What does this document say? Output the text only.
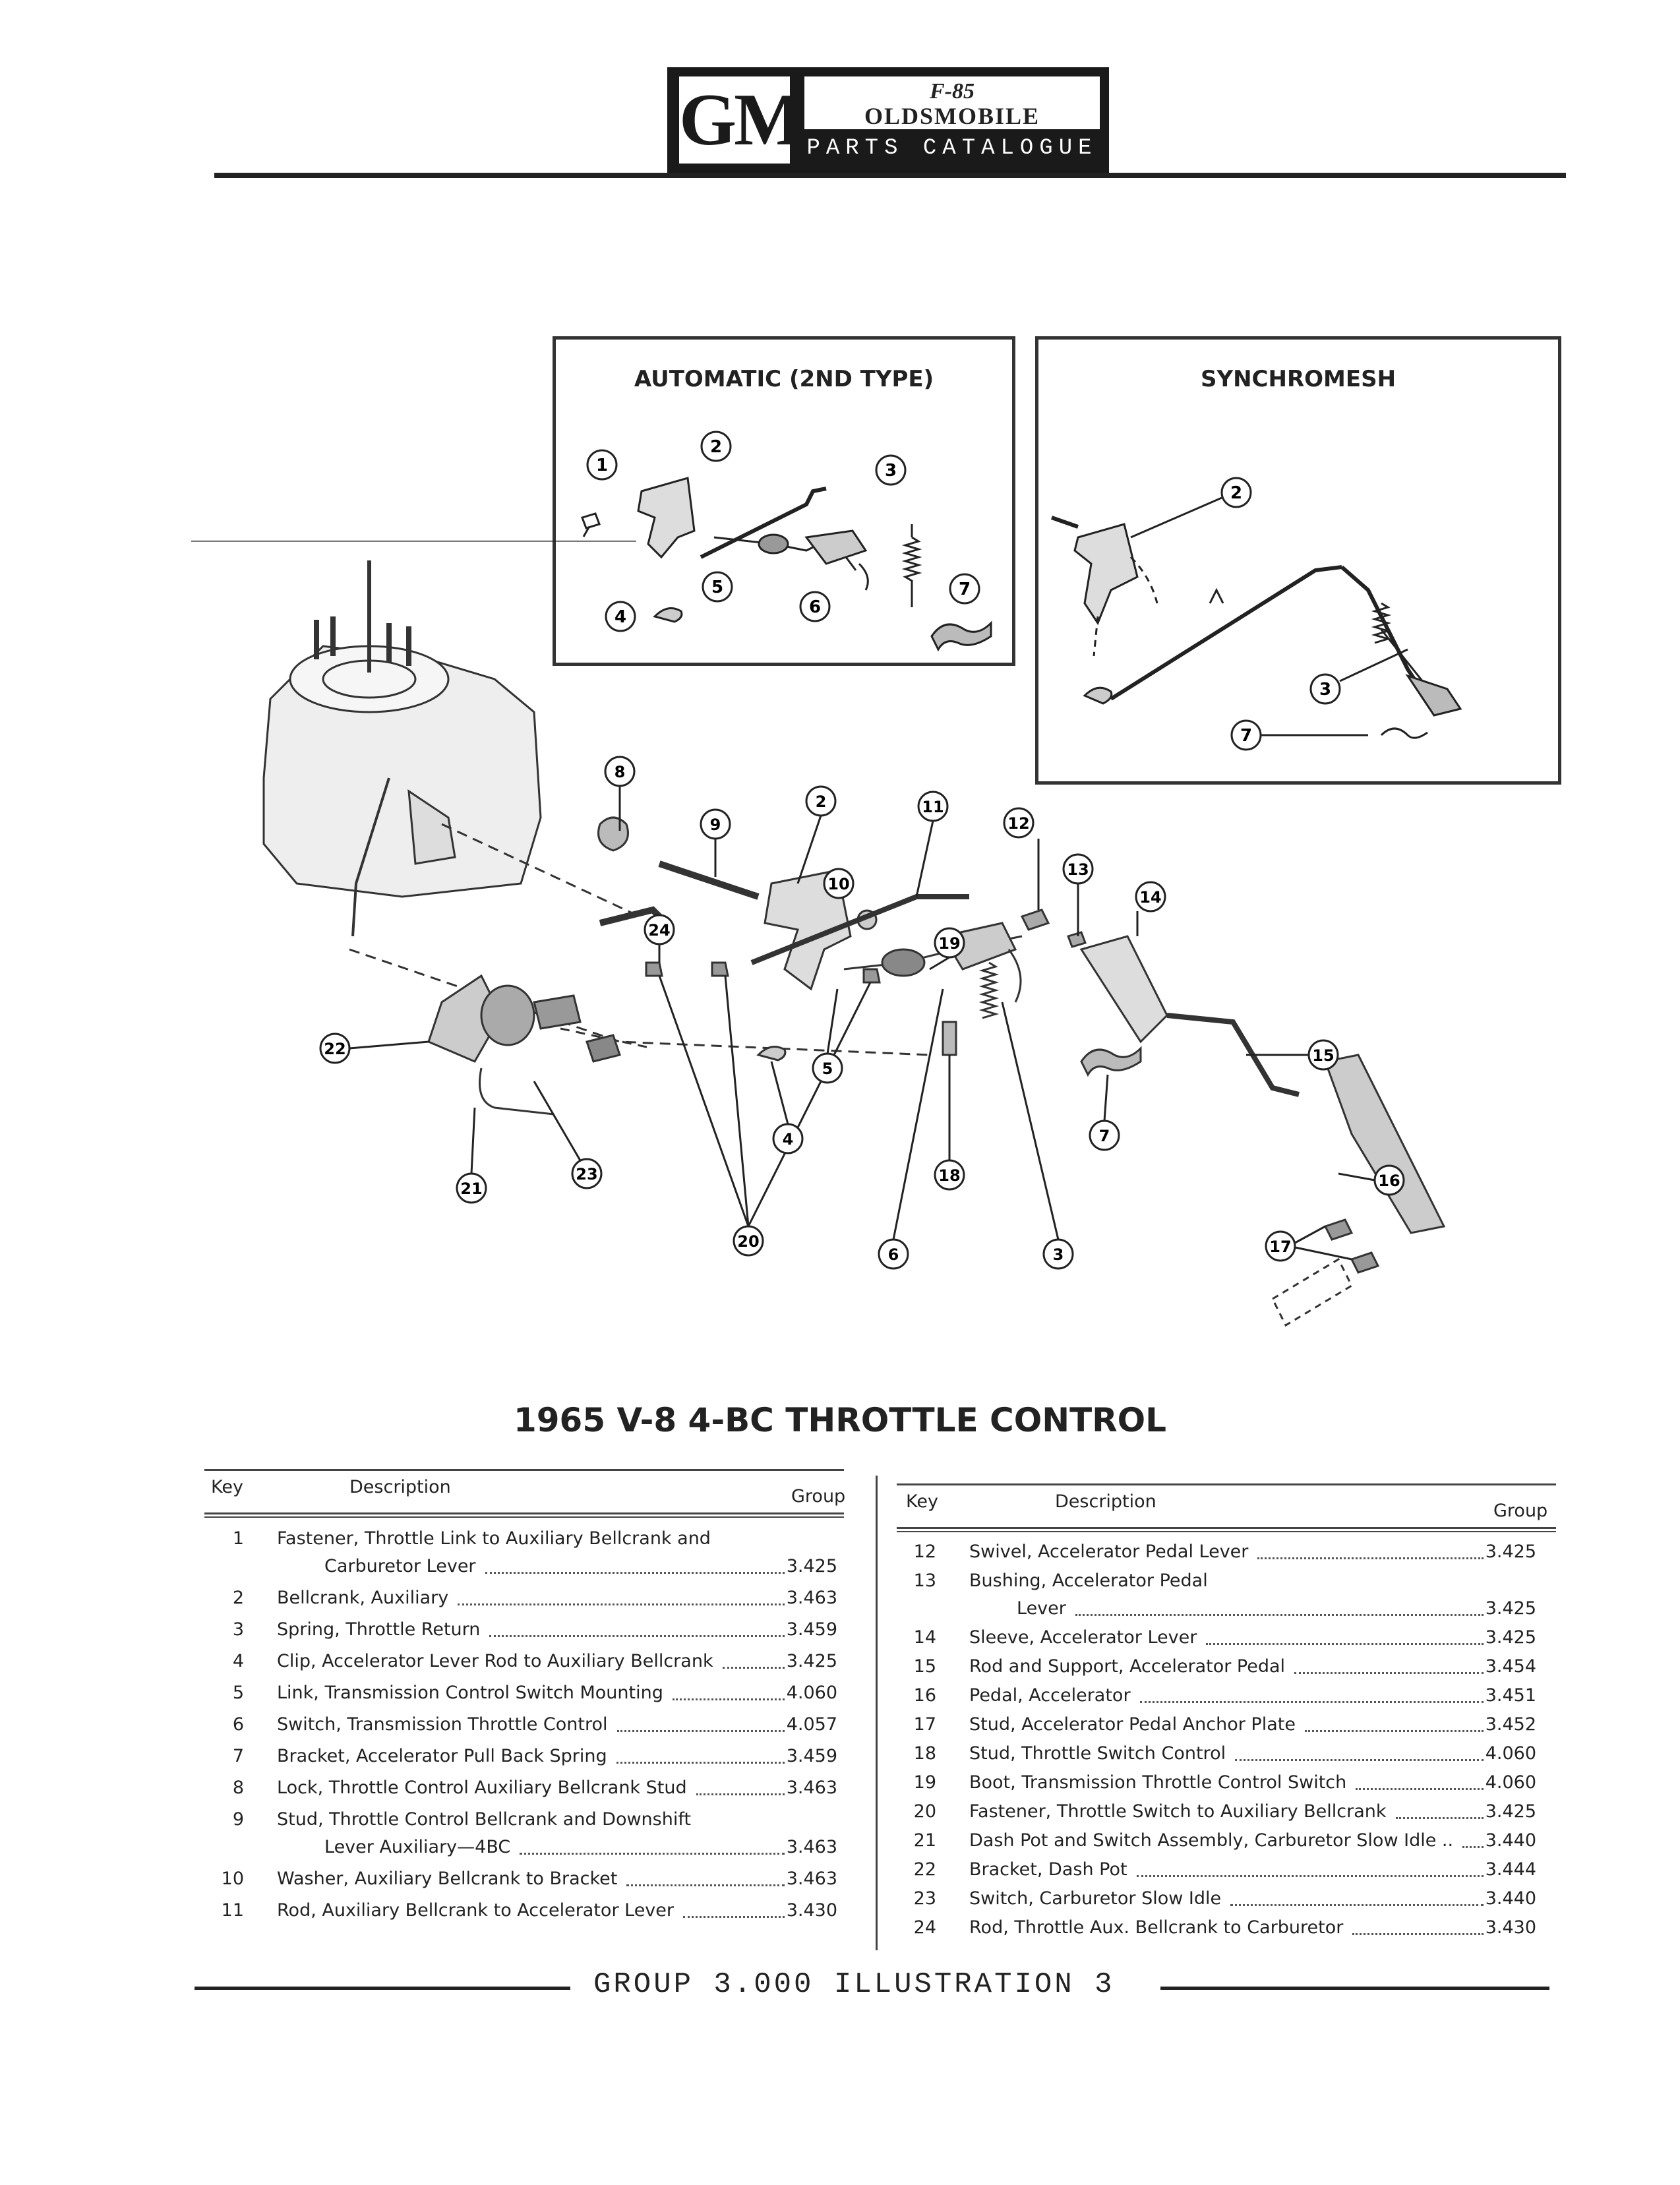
GM	F-85
OLDSMOBILE
PARTS CATALOGUE
AUTOMATIC (2ND TYPE)
1
2
3
4
5
6
7
SYNCHROMESH
2
3
7
8
9
2
10
11
12
13
14
24
19
22
5
15
4
23
7
21
18	16
20
6	3	17
1965 V-8 4-BC THROTTLE CONTROL
Key	Description	Group
1 Fastener, Throttle Link to Auxiliary Bellcrank and
Carburetor Lever	3.425
2 Bellcrank, Auxiliary	3.463
3 Spring, Throttle Return	3.459
4 Clip, Accelerator Lever Rod to Auxiliary Bellcrank	3.425
5 Link, Transmission Control Switch Mounting	4.060
6 Switch, Transmission Throttle Control	4.057
7 Bracket, Accelerator Pull Back Spring	3.459
8 Lock, Throttle Control Auxiliary Bellcrank Stud	3.463
9 Stud, Throttle Control Bellcrank and Downshift
Lever Auxiliary—4BC	3.463
10 Washer, Auxiliary Bellcrank to Bracket	3.463
11 Rod, Auxiliary Bellcrank to Accelerator Lever	3.430
Key	Description	Group
12 Swivel, Accelerator Pedal Lever	3.425
13 Bushing, Accelerator Pedal
Lever	3.425
14 Sleeve, Accelerator Lever	3.425
15 Rod and Support, Accelerator Pedal	3.454
16 Pedal, Accelerator	3.451
17 Stud, Accelerator Pedal Anchor Plate	3.452
18 Stud, Throttle Switch Control	4.060
19 Boot, Transmission Throttle Control Switch	4.060
20 Fastener, Throttle Switch to Auxiliary Bellcrank	3.425
21 Dash Pot and Switch Assembly, Carburetor Slow Idle ..	3.440
22 Bracket, Dash Pot	3.444
23 Switch, Carburetor Slow Idle	3.440
24 Rod, Throttle Aux. Bellcrank to Carburetor	3.430
GROUP 3.000 ILLUSTRATION 3
